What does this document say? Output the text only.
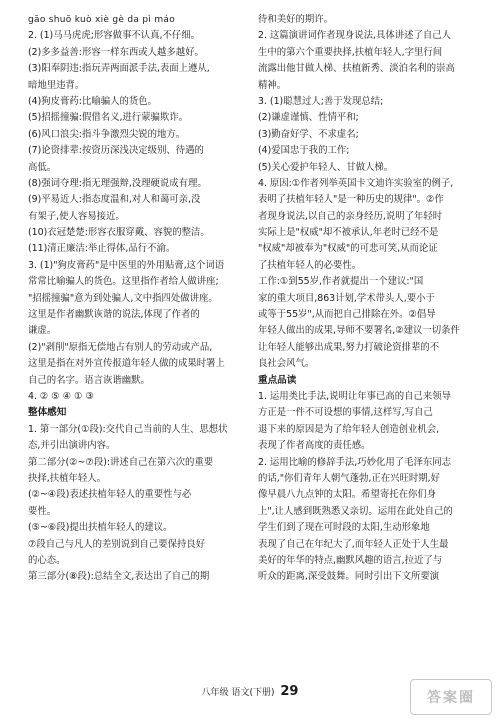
gāo shuō kuò xiè gè da pì máo
2. (1)马马虎虎;形容做事不认真,不仔细。
(2)多多益善:形容一样东西或人越多越好。
(3)阳奉阴违:指玩弄两面派手法,表面上遵从,
暗地里违背。
(4)狗皮膏药:比喻骗人的货色。
(5)招摇撞骗:假借名义,进行蒙骗欺诈。
(6)风口浪尖:指斗争激烈尖锐的地方。
(7)论资排辈:按资历深浅决定级别、待遇的
高低。
(8)强词夺理:指无理强辩,没理硬说成有理。
(9)平易近人:指态度温和,对人和蔼可亲,没
有架子,使人容易接近。
(10)衣冠楚楚:形容衣服穿戴、容貌的整洁。
(11)清正廉洁:举止得体,品行不渝。
3. (1)"狗皮膏药"是中医里的外用贴膏,这个词语
常常比喻骗人的货色。这里指作者给人做讲座;
"招摇撞骗"意为到处骗人,文中指四处做讲座。
这里是作者幽默诙谐的说法,体现了作者的
谦虚。
(2)"剥削"原指无偿地占有别人的劳动或产品,
这里是指在对外宣传报道年轻人做的成果时署上
自己的名字。语言诙谐幽默。
4. ② ⑤ ④ ① ③
整体感知
1. 第一部分(①段):交代自己当前的人生、思想状
态,并引出演讲内容。
第二部分(②~⑦段):讲述自己在第六次的重要
抉择,扶植年轻人。
(②~④段)表述扶植年轻人的重要性与必
要性。
(⑤~⑥段)提出扶植年轻人的建议。
⑦段自己与凡人的差别说到自己要保持良好
的心态。
第三部分(⑧段):总结全文,表达出了自己的期
待和美好的期许。
2. 这篇演讲词作者现身说法,具体讲述了自己人
生中的第六个重要抉择,扶植年轻人,字里行间
流露出他甘做人梯、扶植新秀、淡泊名利的崇高
精神。
3. (1)聪慧过人;善于发现总结;
(2)谦虚谨慎、性情平和;
(3)勤奋好学、不求虚名;
(4)爱国忠于我的工作;
(5)关心爱护年轻人、甘做人梯。
4. 原因:①作者列举英国卡文迪许实验室的例子,
表明了扶植年轻人"是一种历史的规律"。②作
者现身说法,以自己的亲身经历,说明了年轻时
实际上是"权威"却不被承认,年老时已经不是
"权威"却被奉为"权威"的可悲可笑,从而论证
了扶植年轻人的必要性。
工作:①到55岁,作者就提出一个建议:"国
家的重大项目,863计划,学术带头人,要小于
或等于55岁",从而把自己排除在外。②倡导
年轻人做出的成果,导师不要署名,②建议一切条件
让年轻人能够出成果,努力打破论资排辈的不
良社会风气。
重点品读
1. 运用类比手法,说明让年事已高的自己来领导
方正是一件不可设想的事情,这样写,写自己
退下来的原因是为了给年轻人创造创业机会,
表现了作者高度的责任感。
2. 运用比喻的修辞手法,巧妙化用了毛泽东同志
的话,"你们青年人朝气蓬勃,正在兴旺时期,好
像早晨八九点钟的太阳。希望寄托在你们身
上",让人感到既熟悉又亲切。运用在此处自己的
学生们到了现在可时段的太阳,生动形象地
表现了自己在年纪大了,而年轻人正处于人生最
美好的年华的特点,幽默风趣的语言,拉近了与
听众的距离,深受鼓舞。同时引出下文所要演
八年级 语文(下册) 29	答案圈
